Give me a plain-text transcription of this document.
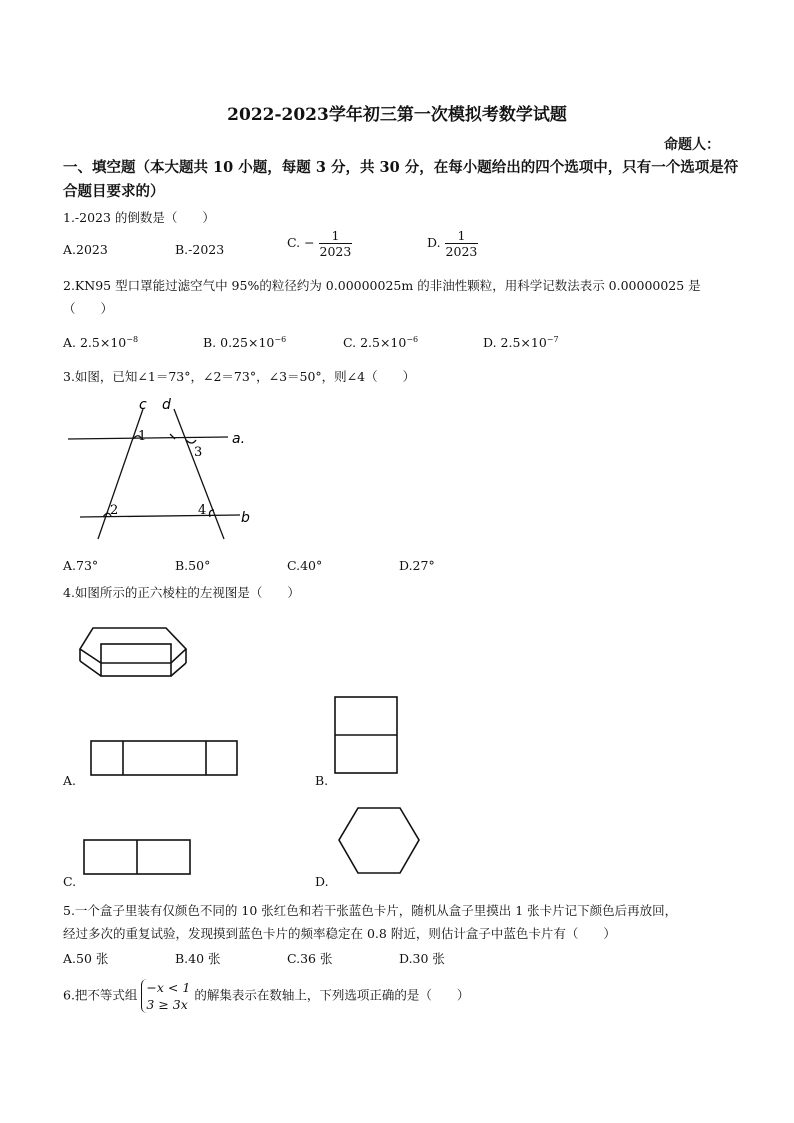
2022-2023学年初三第一次模拟考数学试题
命题人：
一、填空题（本大题共 10 小题，每题 3 分，共 30 分，在每小题给出的四个选项中，只有一个选项是符合题目要求的）
1.-2023 的倒数是（　　）
A.2023	B.-2023	C. − $\frac{1}{2023}$	D. $\frac{1}{2023}$
2.KN95 型口罩能过滤空气中 95%的粒径约为 0.00000025m 的非油性颗粒，用科学记数法表示 0.00000025 是
（　　）
A. $2.5\times 10^{-8}$	B. $0.25\times 10^{-6}$	C. $2.5\times 10^{-6}$	D. $2.5\times 10^{-7}$
3.如图，已知∠1＝73°，∠2＝73°，∠3＝50°，则∠4（　　）
c d
a.
b
1
2
3
4
A.73°	B.50°	C.40°	D.27°
4.如图所示的正六棱柱的左视图是（　　）
A.	B.
C.	D.
5.一个盒子里装有仅颜色不同的 10 张红色和若干张蓝色卡片，随机从盒子里摸出 1 张卡片记下颜色后再放回，
经过多次的重复试验，发现摸到蓝色卡片的频率稳定在 0.8 附近，则估计盒子中蓝色卡片有（　　）
A.50 张	B.40 张	C.36 张	D.30 张
6.把不等式组 −x < 1
3 ≥ 3x
的解集表示在数轴上，下列选项正确的是（　　）
